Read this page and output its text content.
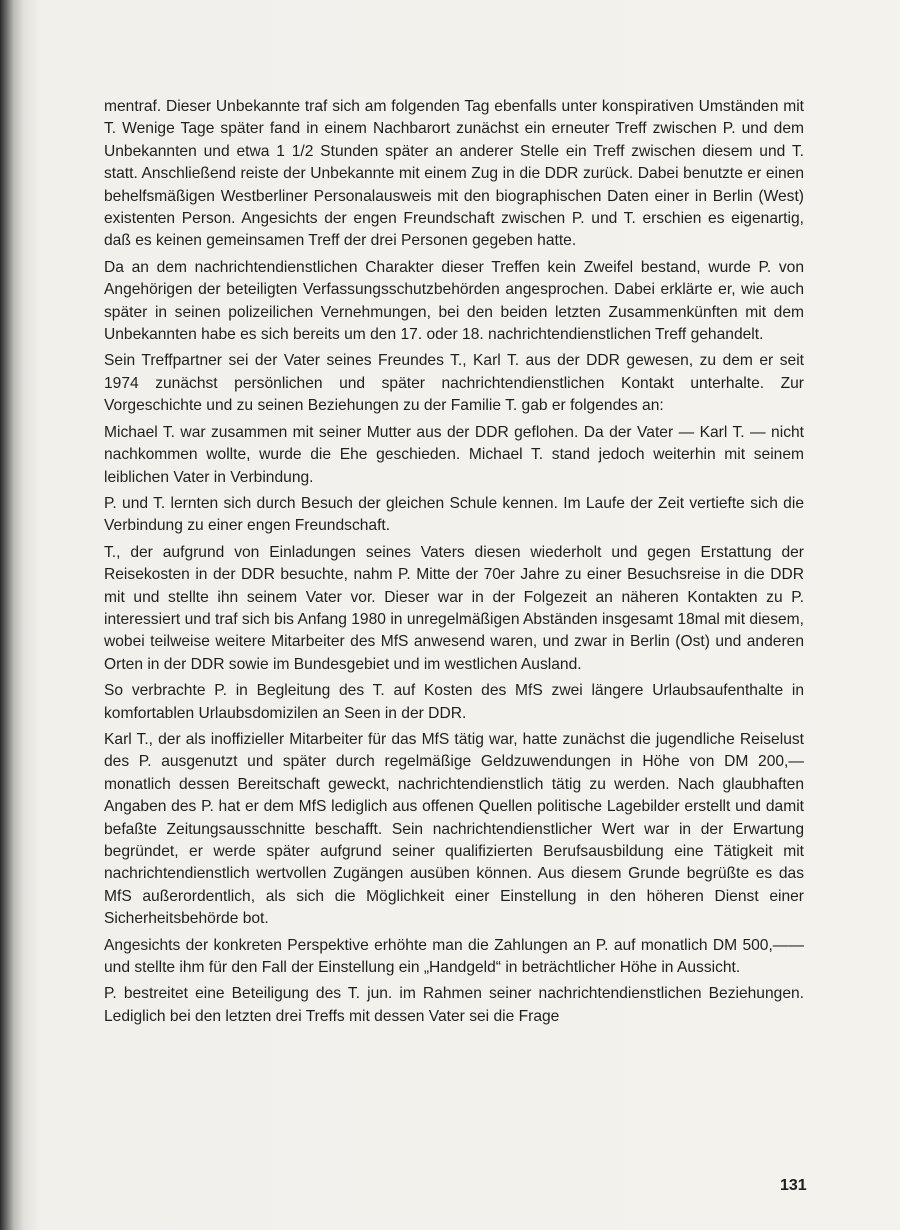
mentraf. Dieser Unbekannte traf sich am folgenden Tag ebenfalls unter konspirativen Umständen mit T. Wenige Tage später fand in einem Nachbarort zunächst ein erneuter Treff zwischen P. und dem Unbekannten und etwa 1 1/2 Stunden später an anderer Stelle ein Treff zwischen diesem und T. statt. Anschließend reiste der Unbekannte mit einem Zug in die DDR zurück. Dabei benutzte er einen behelfsmäßigen Westberliner Personalausweis mit den biographischen Daten einer in Berlin (West) existenten Person. Angesichts der engen Freundschaft zwischen P. und T. erschien es eigenartig, daß es keinen gemeinsamen Treff der drei Personen gegeben hatte.

Da an dem nachrichtendienstlichen Charakter dieser Treffen kein Zweifel bestand, wurde P. von Angehörigen der beteiligten Verfassungsschutzbehörden angesprochen. Dabei erklärte er, wie auch später in seinen polizeilichen Vernehmungen, bei den beiden letzten Zusammenkünften mit dem Unbekannten habe es sich bereits um den 17. oder 18. nachrichtendienstlichen Treff gehandelt.

Sein Treffpartner sei der Vater seines Freundes T., Karl T. aus der DDR gewesen, zu dem er seit 1974 zunächst persönlichen und später nachrichtendienstlichen Kontakt unterhalte. Zur Vorgeschichte und zu seinen Beziehungen zu der Familie T. gab er folgendes an:

Michael T. war zusammen mit seiner Mutter aus der DDR geflohen. Da der Vater — Karl T. — nicht nachkommen wollte, wurde die Ehe geschieden. Michael T. stand jedoch weiterhin mit seinem leiblichen Vater in Verbindung.

P. und T. lernten sich durch Besuch der gleichen Schule kennen. Im Laufe der Zeit vertiefte sich die Verbindung zu einer engen Freundschaft.

T., der aufgrund von Einladungen seines Vaters diesen wiederholt und gegen Erstattung der Reisekosten in der DDR besuchte, nahm P. Mitte der 70er Jahre zu einer Besuchsreise in die DDR mit und stellte ihn seinem Vater vor. Dieser war in der Folgezeit an näheren Kontakten zu P. interessiert und traf sich bis Anfang 1980 in unregelmäßigen Abständen insgesamt 18mal mit diesem, wobei teilweise weitere Mitarbeiter des MfS anwesend waren, und zwar in Berlin (Ost) und anderen Orten in der DDR sowie im Bundesgebiet und im westlichen Ausland.

So verbrachte P. in Begleitung des T. auf Kosten des MfS zwei längere Urlaubsaufenthalte in komfortablen Urlaubsdomizilen an Seen in der DDR.

Karl T., der als inoffizieller Mitarbeiter für das MfS tätig war, hatte zunächst die jugendliche Reiselust des P. ausgenutzt und später durch regelmäßige Geldzuwendungen in Höhe von DM 200,— monatlich dessen Bereitschaft geweckt, nachrichtendienstlich tätig zu werden. Nach glaubhaften Angaben des P. hat er dem MfS lediglich aus offenen Quellen politische Lagebilder erstellt und damit befaßte Zeitungsausschnitte beschafft. Sein nachrichtendienstlicher Wert war in der Erwartung begründet, er werde später aufgrund seiner qualifizierten Berufsausbildung eine Tätigkeit mit nachrichtendienstlich wertvollen Zugängen ausüben können. Aus diesem Grunde begrüßte es das MfS außerordentlich, als sich die Möglichkeit einer Einstellung in den höheren Dienst einer Sicherheitsbehörde bot.

Angesichts der konkreten Perspektive erhöhte man die Zahlungen an P. auf monatlich DM 500,—— und stellte ihm für den Fall der Einstellung ein „Handgeld“ in beträchtlicher Höhe in Aussicht.

P. bestreitet eine Beteiligung des T. jun. im Rahmen seiner nachrichtendienstlichen Beziehungen. Lediglich bei den letzten drei Treffs mit dessen Vater sei die Frage

131
